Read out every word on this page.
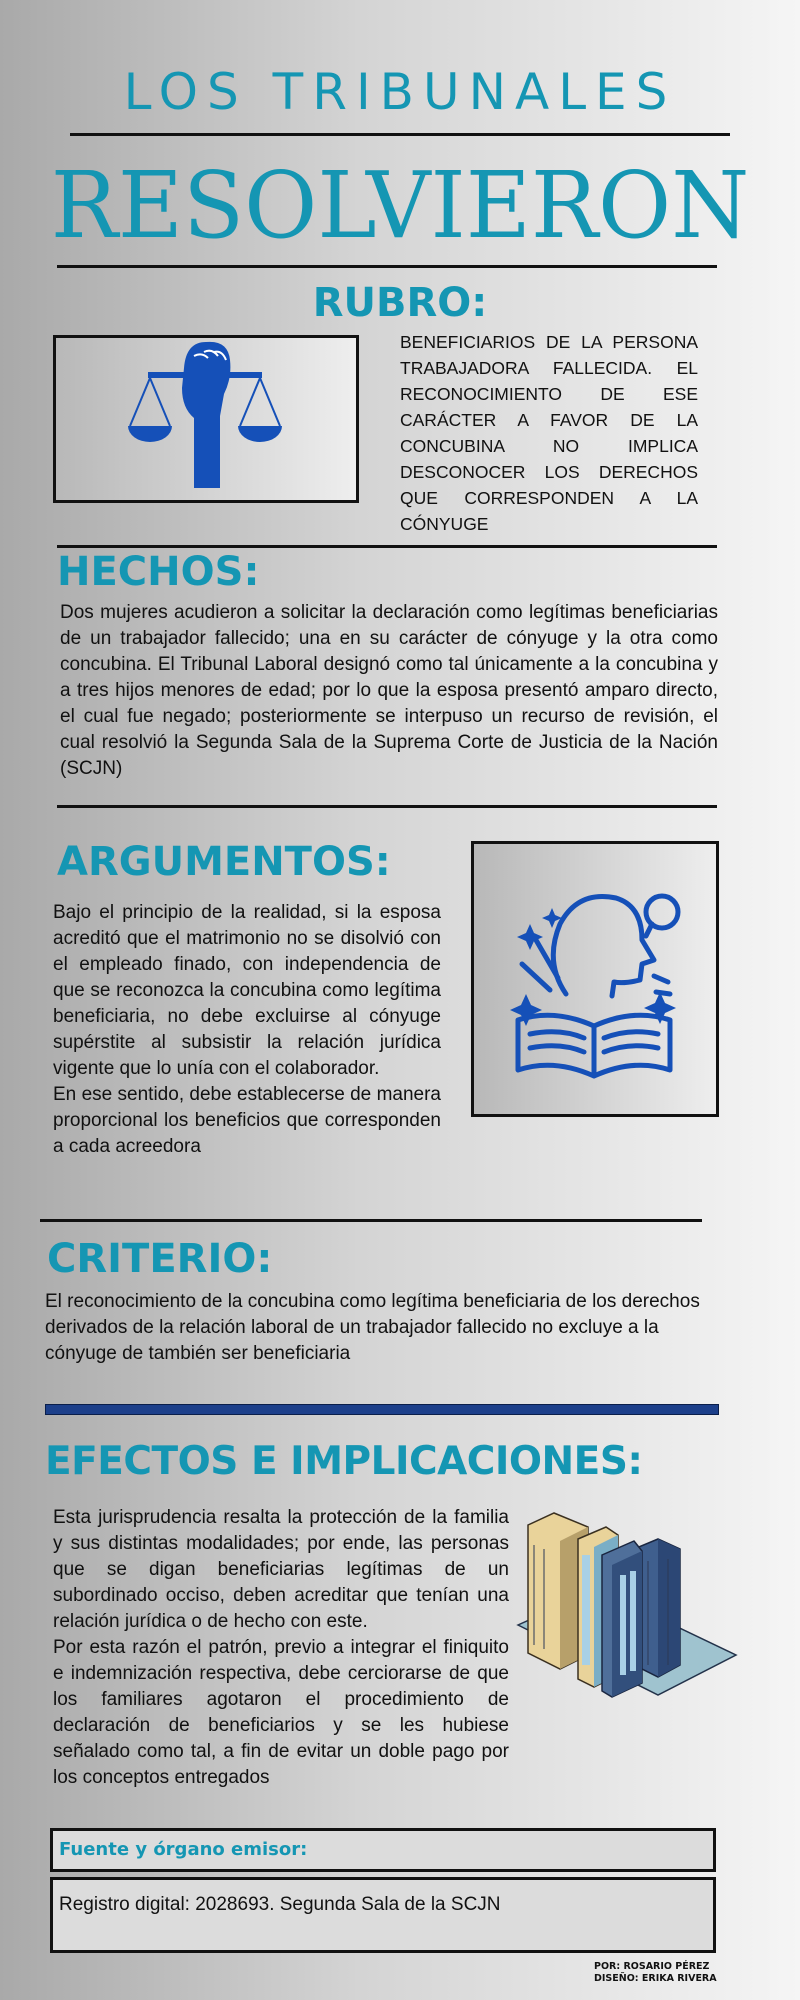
LOS TRIBUNALES
RESOLVIERON
RUBRO:
BENEFICIARIOS DE LA PERSONA TRABAJADORA FALLECIDA. EL RECONOCIMIENTO DE ESE CARÁCTER A FAVOR DE LA CONCUBINA NO IMPLICA DESCONOCER LOS DERECHOS QUE CORRESPONDEN A LA CÓNYUGE
HECHOS:
Dos mujeres acudieron a solicitar la declaración como legítimas beneficiarias de un trabajador fallecido; una en su carácter de cónyuge y la otra como concubina. El Tribunal Laboral designó como tal únicamente a la concubina y a tres hijos menores de edad; por lo que la esposa presentó amparo directo, el cual fue negado; posteriormente se interpuso un recurso de revisión, el cual resolvió la Segunda Sala de la Suprema Corte de Justicia de la Nación (SCJN)
ARGUMENTOS:

Bajo el principio de la realidad, si la esposa acreditó que el matrimonio no se disolvió con el empleado finado, con independencia de que se reconozca la concubina como legítima beneficiaria, no debe excluirse al cónyuge supérstite al subsistir la relación jurídica vigente que lo unía con el colaborador.

En ese sentido, debe establecerse de manera proporcional los beneficios que corresponden a cada acreedora

CRITERIO:
El reconocimiento de la concubina como legítima beneficiaria de los derechos derivados de la relación laboral de un trabajador fallecido no excluye a la cónyuge de también ser beneficiaria
EFECTOS E IMPLICACIONES:

Esta jurisprudencia resalta la protección de la familia y sus distintas modalidades; por ende, las personas que se digan beneficiarias legítimas de un subordinado occiso, deben acreditar que tenían una relación jurídica o de hecho con este.

Por esta razón el patrón, previo a integrar el finiquito e indemnización respectiva, debe cerciorarse de que los familiares agotaron el procedimiento de declaración de beneficiarios y se les hubiese señalado como tal, a fin de evitar un doble pago por los conceptos entregados

Fuente y órgano emisor:
Registro digital: 2028693. Segunda Sala de la SCJN
POR: ROSARIO PÉREZ
DISEÑO: ERIKA RIVERA
